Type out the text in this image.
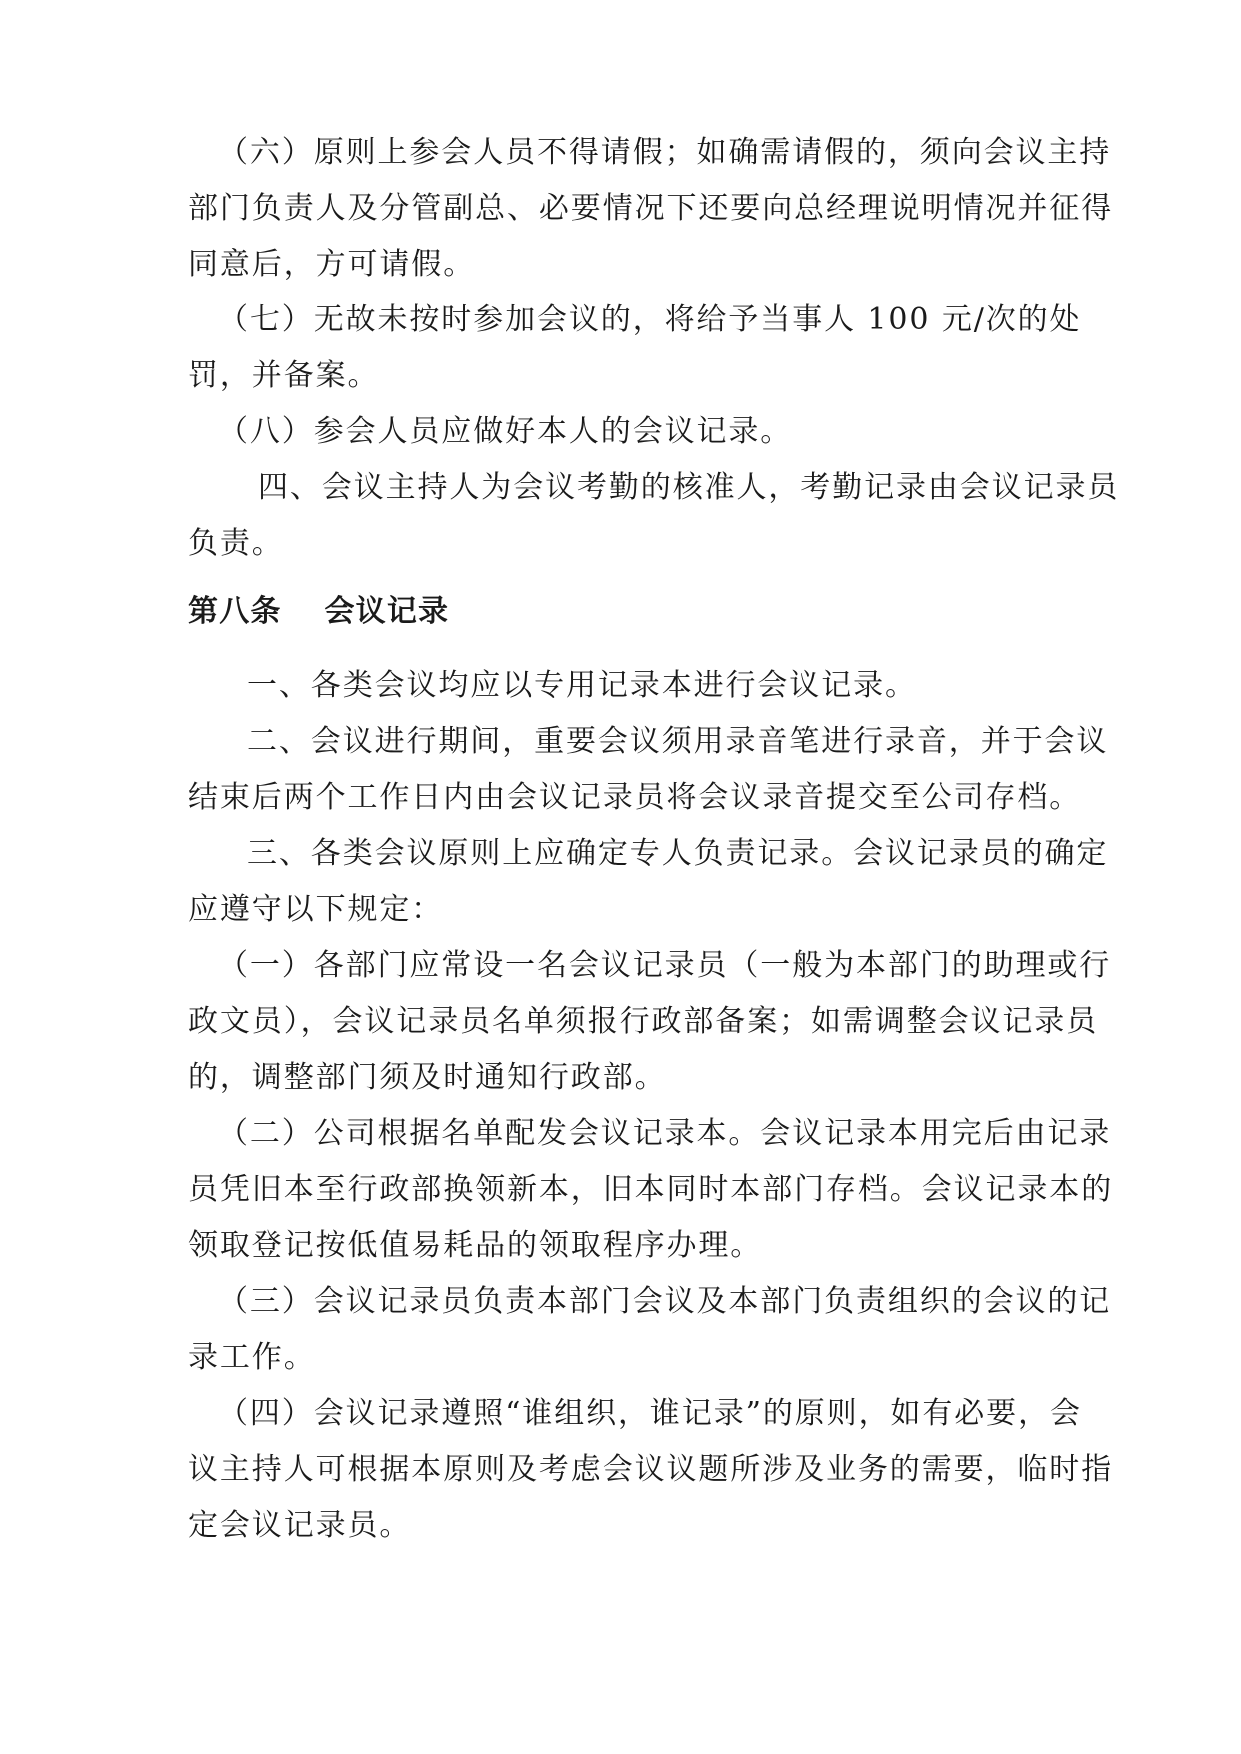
（六）原则上参会人员不得请假；如确需请假的，须向会议主持
部门负责人及分管副总、必要情况下还要向总经理说明情况并征得
同意后，方可请假。
（七）无故未按时参加会议的，将给予当事人 100 元/次的处
罚，并备案。
（八）参会人员应做好本人的会议记录。
四、会议主持人为会议考勤的核准人，考勤记录由会议记录员
负责。
第八条　 会议记录
一、各类会议均应以专用记录本进行会议记录。
二、会议进行期间，重要会议须用录音笔进行录音，并于会议
结束后两个工作日内由会议记录员将会议录音提交至公司存档。
三、各类会议原则上应确定专人负责记录。会议记录员的确定
应遵守以下规定：
（一）各部门应常设一名会议记录员（一般为本部门的助理或行
政文员），会议记录员名单须报行政部备案；如需调整会议记录员
的，调整部门须及时通知行政部。
（二）公司根据名单配发会议记录本。会议记录本用完后由记录
员凭旧本至行政部换领新本，旧本同时本部门存档。会议记录本的
领取登记按低值易耗品的领取程序办理。
（三）会议记录员负责本部门会议及本部门负责组织的会议的记
录工作。
（四）会议记录遵照“谁组织，谁记录”的原则，如有必要，会
议主持人可根据本原则及考虑会议议题所涉及业务的需要，临时指
定会议记录员。
